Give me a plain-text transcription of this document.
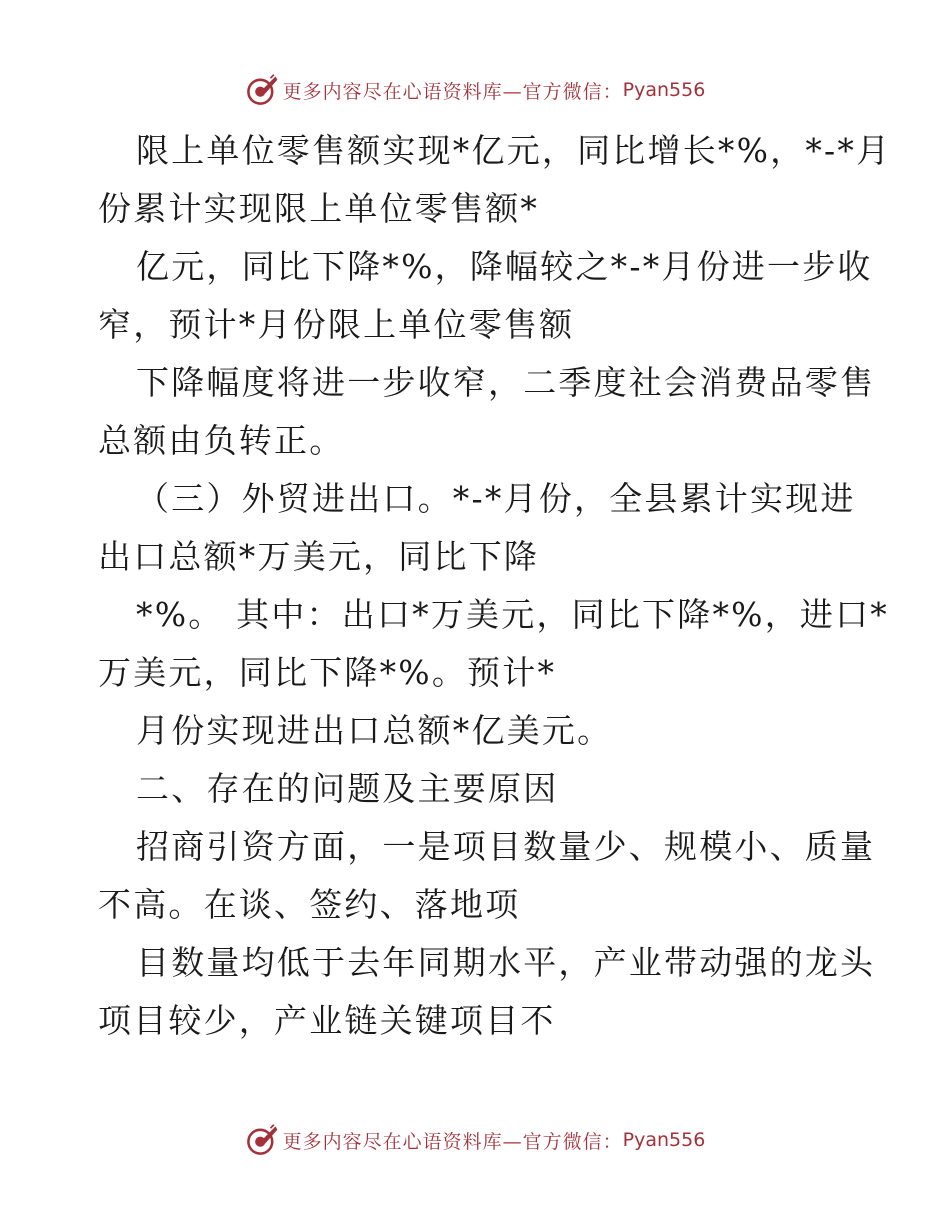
更多内容尽在心语资料库—官方微信： Pyan556
限上单位零售额实现*亿元，同比增长*%，*-*月
份累计实现限上单位零售额*
亿元，同比下降*%，降幅较之*-*月份进一步收
窄，预计*月份限上单位零售额
下降幅度将进一步收窄，二季度社会消费品零售
总额由负转正。
（三）外贸进出口。*-*月份，全县累计实现进
出口总额*万美元，同比下降
*%。 其中：出口*万美元，同比下降*%，进口*
万美元，同比下降*%。预计*
月份实现进出口总额*亿美元。
二、存在的问题及主要原因
招商引资方面，一是项目数量少、规模小、质量
不高。在谈、签约、落地项
目数量均低于去年同期水平，产业带动强的龙头
项目较少，产业链关键项目不
更多内容尽在心语资料库—官方微信： Pyan556
